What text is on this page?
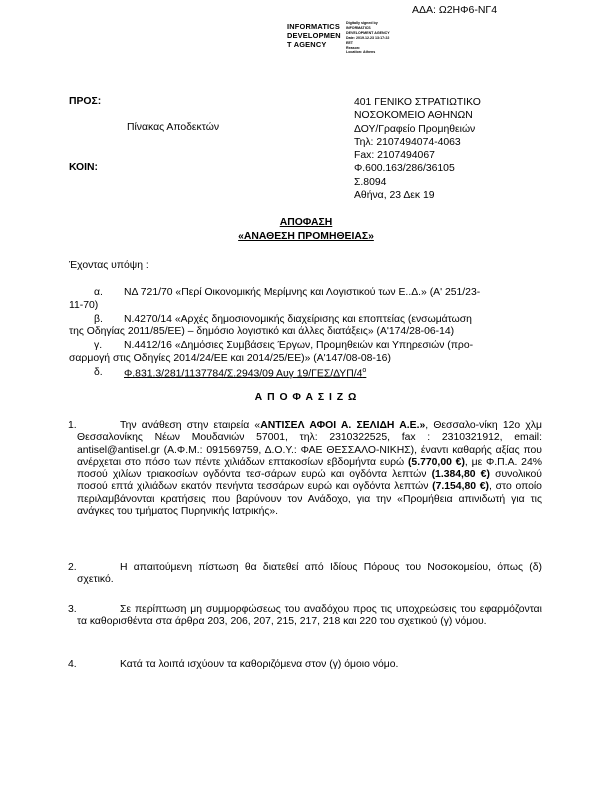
ΑΔΑ: Ω2ΗΦ6-ΝΓ4
INFORMATICS
DEVELOPMEN
T AGENCY
Digitally signed by
INFORMATICS
DEVELOPMENT AGENCY
Date: 2019.12.23 13:17:22
EET
Reason:
Location: Athens
ΠΡΟΣ:
Πίνακας Αποδεκτών
ΚΟΙΝ:
401 ΓΕΝΙΚΟ ΣΤΡΑΤΙΩΤΙΚΟ
ΝΟΣΟΚΟΜΕΙΟ ΑΘΗΝΩΝ
ΔΟΥ/Γραφείο Προμηθειών
Τηλ: 2107494074-4063
Fax: 2107494067
Φ.600.163/286/36105
Σ.8094
Αθήνα, 23 Δεκ 19
ΑΠΟΦΑΣΗ
«ΑΝΑΘΕΣΗ ΠΡΟΜΗΘΕΙΑΣ»
Έχοντας υπόψη :
α. ΝΔ 721/70 «Περί Οικονομικής Μερίμνης και Λογιστικού των Ε..Δ.» (Α' 251/23-
11-70)
β. Ν.4270/14 «Αρχές δημοσιονομικής διαχείρισης και εποπτείας (ενσωμάτωση
της Οδηγίας 2011/85/ΕΕ) – δημόσιο λογιστικό και άλλες διατάξεις» (Α'174/28-06-14)
γ. Ν.4412/16 «Δημόσιες Συμβάσεις Έργων, Προμηθειών και Υπηρεσιών (προ-
σαρμογή στις Οδηγίες 2014/24/ΕΕ και 2014/25/ΕΕ)» (Α'147/08-08-16)
δ. Φ.831.3/281/1137784/Σ.2943/09 Αυγ $19/\Gamma E\Sigma/\Delta\Upsilon\Pi/4^o$
Α Π Ο Φ Α Σ Ι Ζ Ω
1.	Την ανάθεση στην εταιρεία «ΑΝΤΙΣΕΛ ΑΦΟΙ Α. ΣΕΛΙΔΗ Α.Ε.», Θεσσαλο-νίκη 12ο χλμ Θεσσαλονίκης Νέων Μουδανιών 57001, τηλ: 2310322525, fax : 2310321912, email: antisel@antisel.gr (Α.Φ.Μ.: 091569759, Δ.Ο.Υ.: ΦΑΕ ΘΕΣΣΑΛΟ-ΝΙΚΗΣ), έναντι καθαρής αξίας που ανέρχεται στο πόσο των πέντε χιλιάδων επτακοσίων εβδομήντα ευρώ (5.770,00 €), με Φ.Π.Α. 24% ποσού χιλίων τριακοσίων ογδόντα τεσ-σάρων ευρώ και ογδόντα λεπτών (1.384,80 €) συνολικού ποσού επτά χιλιάδων εκατόν πενήντα τεσσάρων ευρώ και ογδόντα λεπτών (7.154,80 €), στο οποίο περιλαμβάνονται κρατήσεις που βαρύνουν τον Ανάδοχο, για την «Προμήθεια απινιδωτή για τις ανάγκες του τμήματος Πυρηνικής Ιατρικής».
2.	Η απαιτούμενη πίστωση θα διατεθεί από Ιδίους Πόρους του Νοσοκομείου, όπως (δ) σχετικό.
3.	Σε περίπτωση μη συμμορφώσεως του αναδόχου προς τις υποχρεώσεις του εφαρμόζονται τα καθορισθέντα στα άρθρα 203, 206, 207, 215, 217, 218 και 220 του σχετικού (γ) νόμου.
4.	Κατά τα λοιπά ισχύουν τα καθοριζόμενα στον (γ) όμοιο νόμο.
